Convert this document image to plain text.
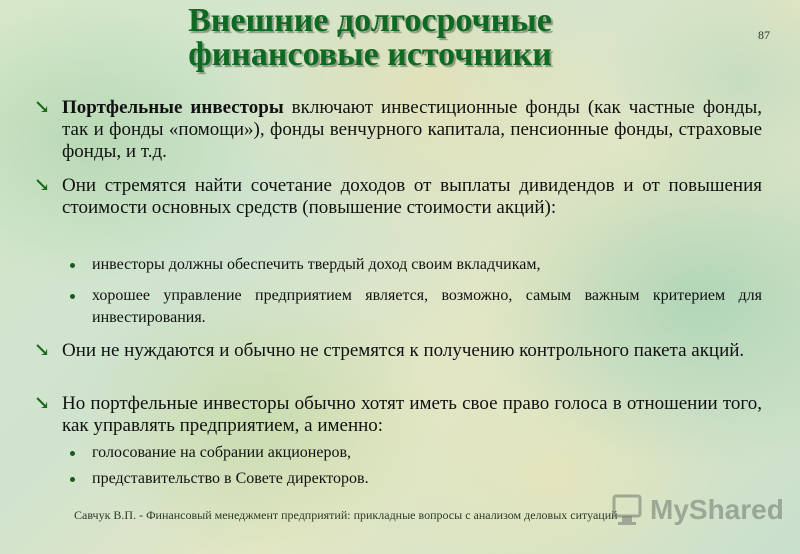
Внешние долгосрочные
финансовые источники
87
↘ Портфельные инвесторы включают инвестиционные фонды (как частные фонды, так и фонды «помощи»), фонды венчурного капитала, пенсионные фонды, страховые фонды, и т.д.
↘ Они стремятся найти сочетание доходов от выплаты дивидендов и от повышения стоимости основных средств (повышение стоимости акций):
инвесторы должны обеспечить твердый доход своим вкладчикам,
хорошее управление предприятием является, возможно, самым важным критерием для инвестирования.
↘ Они не нуждаются и обычно не стремятся к получению контрольного пакета акций.
↘ Но портфельные инвесторы обычно хотят иметь свое право голоса в отношении того, как управлять предприятием, а именно:
голосование на собрании акционеров,
представительство в Совете директоров.
Савчук В.П. - Финансовый менеджмент предприятий: прикладные вопросы с анализом деловых ситуаций MyShared
